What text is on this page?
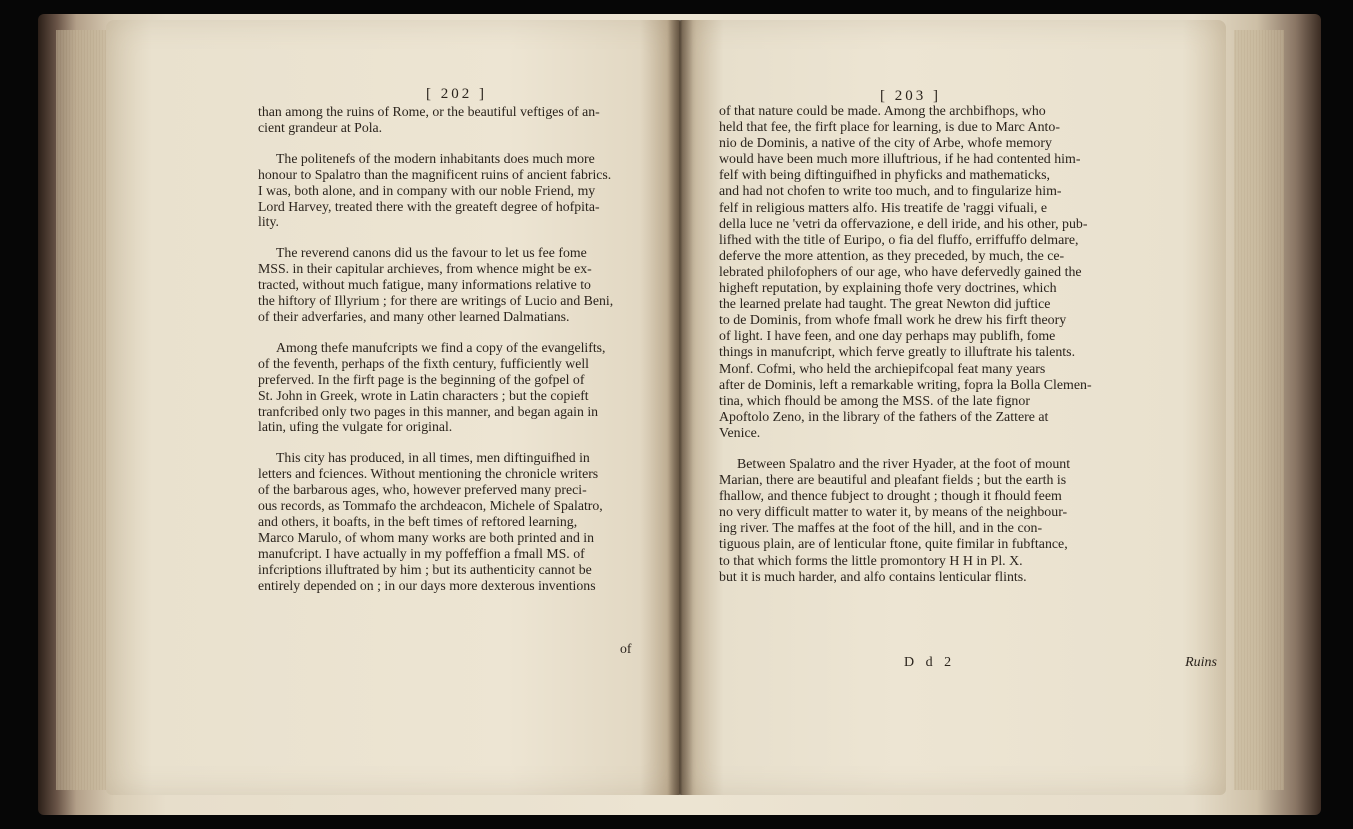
[ 202 ]	[ 203 ]

than among the ruins of Rome, or the beautiful veftiges of an-
cient grandeur at Pola.

The politenefs of the modern inhabitants does much more
honour to Spalatro than the magnificent ruins of ancient fabrics.
I was, both alone, and in company with our noble Friend, my
Lord Harvey, treated there with the greateft degree of hofpita-
lity.

The reverend canons did us the favour to let us fee fome
MSS. in their capitular archieves, from whence might be ex-
tracted, without much fatigue, many informations relative to
the hiftory of Illyrium ; for there are writings of Lucio and Beni,
of their adverfaries, and many other learned Dalmatians.

Among thefe manufcripts we find a copy of the evangelifts,
of the feventh, perhaps of the fixth century, fufficiently well
preferved. In the firft page is the beginning of the gofpel of
St. John in Greek, wrote in Latin characters ; but the copieft
tranfcribed only two pages in this manner, and began again in
latin, ufing the vulgate for original.

This city has produced, in all times, men diftinguifhed in
letters and fciences. Without mentioning the chronicle writers
of the barbarous ages, who, however preferved many preci-
ous records, as Tommafo the archdeacon, Michele of Spalatro,
and others, it boafts, in the beft times of reftored learning,
Marco Marulo, of whom many works are both printed and in
manufcript. I have actually in my poffeffion a fmall MS. of
infcriptions illuftrated by him ; but its authenticity cannot be
entirely depended on ; in our days more dexterous inventions

of

of that nature could be made. Among the archbifhops, who
held that fee, the firft place for learning, is due to Marc Anto-
nio de Dominis, a native of the city of Arbe, whofe memory
would have been much more illuftrious, if he had contented him-
felf with being diftinguifhed in phyficks and mathematicks,
and had not chofen to write too much, and to fingularize him-
felf in religious matters alfo. His treatife de 'raggi vifuali, e
della luce ne 'vetri da offervazione, e dell iride, and his other, pub-
lifhed with the title of Euripo, o fia del fluffo, erriffuffo delmare,
deferve the more attention, as they preceded, by much, the ce-
lebrated philofophers of our age, who have defervedly gained the
higheft reputation, by explaining thofe very doctrines, which
the learned prelate had taught. The great Newton did juftice
to de Dominis, from whofe fmall work he drew his firft theory
of light. I have feen, and one day perhaps may publifh, fome
things in manufcript, which ferve greatly to illuftrate his talents.
Monf. Cofmi, who held the archiepifcopal feat many years
after de Dominis, left a remarkable writing, fopra la Bolla Clemen-
tina, which fhould be among the MSS. of the late fignor
Apoftolo Zeno, in the library of the fathers of the Zattere at
Venice.

Between Spalatro and the river Hyader, at the foot of mount
Marian, there are beautiful and pleafant fields ; but the earth is
fhallow, and thence fubject to drought ; though it fhould feem
no very difficult matter to water it, by means of the neighbour-
ing river. The maffes at the foot of the hill, and in the con-
tiguous plain, are of lenticular ftone, quite fimilar in fubftance,
to that which forms the little promontory H H in Pl. X.
but it is much harder, and alfo contains lenticular flints.

D d 2	Ruins
